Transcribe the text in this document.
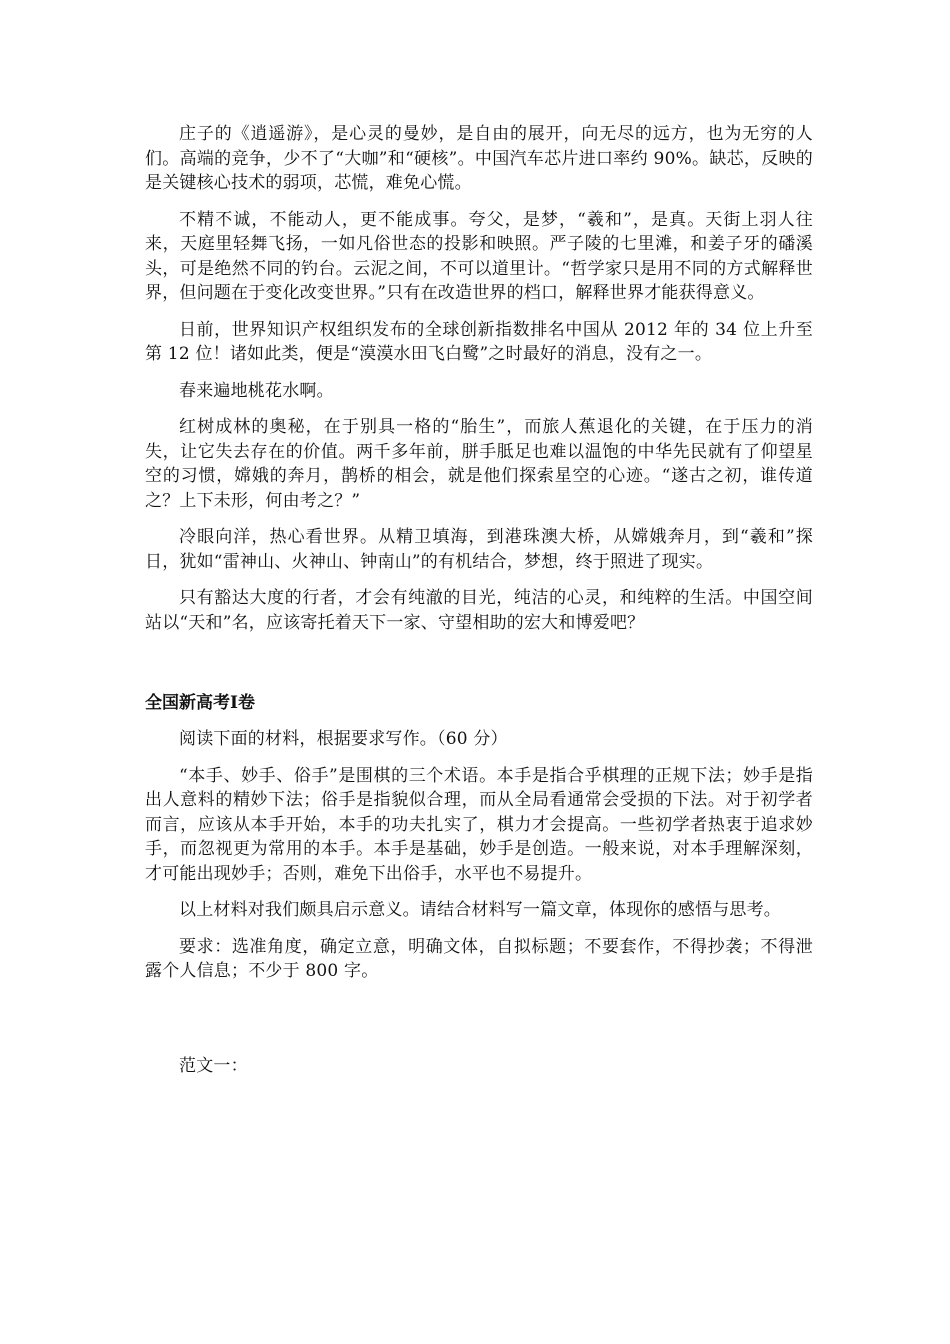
庄子的《逍遥游》，是心灵的曼妙，是自由的展开，向无尽的远方，也为无穷的人们。高端的竞争，少不了“大咖”和“硬核”。中国汽车芯片进口率约 90%。缺芯，反映的是关键核心技术的弱项，芯慌，难免心慌。

不精不诚，不能动人，更不能成事。夸父，是梦，“羲和”，是真。天街上羽人往来，天庭里轻舞飞扬，一如凡俗世态的投影和映照。严子陵的七里滩，和姜子牙的磻溪头，可是绝然不同的钓台。云泥之间，不可以道里计。“哲学家只是用不同的方式解释世界，但问题在于变化改变世界。”只有在改造世界的档口，解释世界才能获得意义。

日前，世界知识产权组织发布的全球创新指数排名中国从 2012 年的 34 位上升至第 12 位！诸如此类，便是“漠漠水田飞白鹭”之时最好的消息，没有之一。

春来遍地桃花水啊。

红树成林的奥秘，在于别具一格的“胎生”，而旅人蕉退化的关键，在于压力的消失，让它失去存在的价值。两千多年前，胼手胝足也难以温饱的中华先民就有了仰望星空的习惯，嫦娥的奔月，鹊桥的相会，就是他们探索星空的心迹。“遂古之初，谁传道之？上下未形，何由考之？”

冷眼向洋，热心看世界。从精卫填海，到港珠澳大桥，从嫦娥奔月，到“羲和”探日，犹如“雷神山、火神山、钟南山”的有机结合，梦想，终于照进了现实。

只有豁达大度的行者，才会有纯澈的目光，纯洁的心灵，和纯粹的生活。中国空间站以“天和”名，应该寄托着天下一家、守望相助的宏大和博爱吧？

全国新高考Ⅰ卷

阅读下面的材料，根据要求写作。（60 分）

“本手、妙手、俗手”是围棋的三个术语。本手是指合乎棋理的正规下法；妙手是指出人意料的精妙下法；俗手是指貌似合理，而从全局看通常会受损的下法。对于初学者而言，应该从本手开始，本手的功夫扎实了，棋力才会提高。一些初学者热衷于追求妙手，而忽视更为常用的本手。本手是基础，妙手是创造。一般来说，对本手理解深刻，才可能出现妙手；否则，难免下出俗手，水平也不易提升。

以上材料对我们颇具启示意义。请结合材料写一篇文章，体现你的感悟与思考。

要求：选准角度，确定立意，明确文体，自拟标题；不要套作，不得抄袭；不得泄露个人信息；不少于 800 字。

范文一：
